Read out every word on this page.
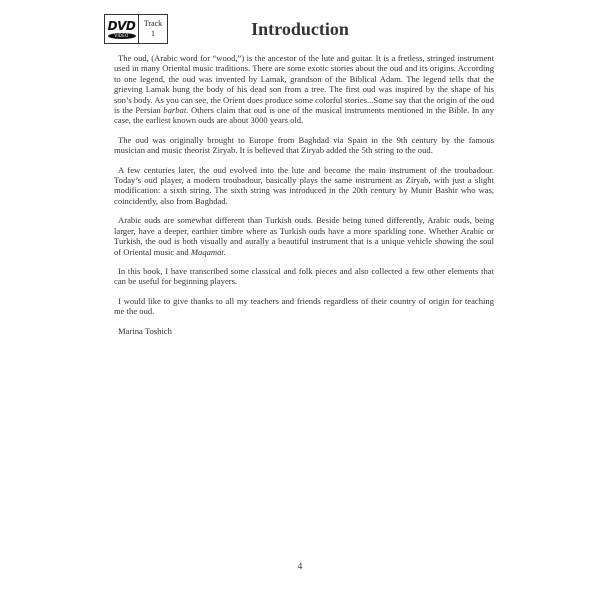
DVD
VIDEO
Track
1	Introduction

The oud, (Arabic word for “wood,”) is the ancestor of the lute and guitar. It is a fretless, stringed instrument used in many Oriental music traditions. There are some exotic stories about the oud and its origins. According to one legend, the oud was invented by Lamak, grandson of the Biblical Adam. The legend tells that the grieving Lamak hung the body of his dead son from a tree. The first oud was inspired by the shape of his son’s body. As you can see, the Orient does produce some colorful stories...Some say that the origin of the oud is the Persian barbat. Others claim that oud is one of the musical instruments mentioned in the Bible. In any case, the earliest known ouds are about 3000 years old.

The oud was originally brought to Europe from Baghdad via Spain in the 9th century by the famous musician and music theorist Ziryab. It is believed that Ziryab added the 5th string to the oud.

A few centuries later, the oud evolved into the lute and become the main instrument of the troubadour. Today’s oud player, a modern troubadour, basically plays the same instrument as Ziryab, with just a slight modification: a sixth string. The sixth string was introduced in the 20th century by Munir Bashir who was, coincidently, also from Baghdad.

Arabic ouds are somewhat different than Turkish ouds. Beside being tuned differently, Arabic ouds, being larger, have a deeper, earthier timbre where as Turkish ouds have a more sparkling tone. Whether Arabic or Turkish, the oud is both visually and aurally a beautiful instrument that is a unique vehicle showing the soul of Oriental music and Maqamat.

In this book, I have transcribed some classical and folk pieces and also collected a few other elements that can be useful for beginning players.

I would like to give thanks to all my teachers and friends regardless of their country of origin for teaching me the oud.

Marina Toshich

4
